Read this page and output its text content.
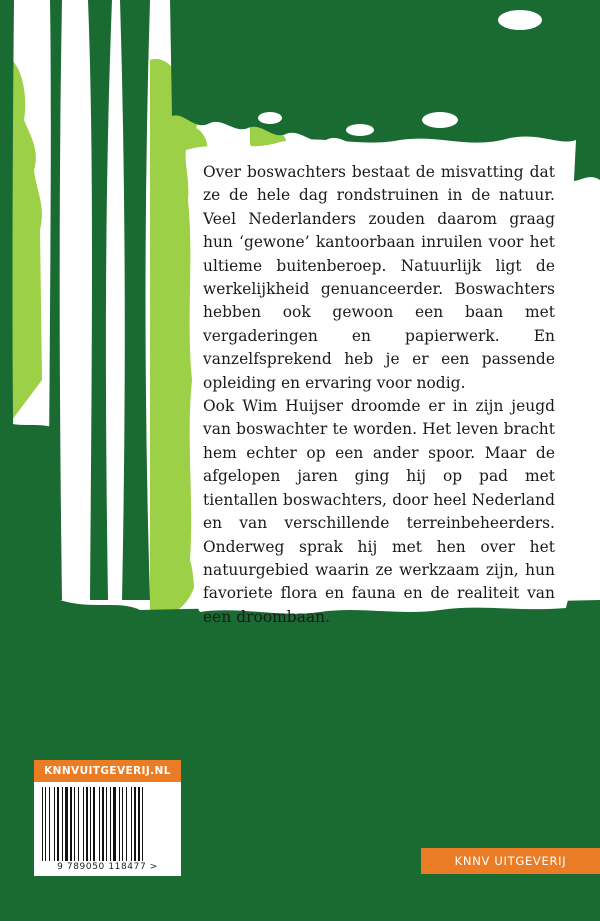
Over boswachters bestaat de misvatting dat ze de hele dag rondstruinen in de natuur. Veel Nederlanders zouden daarom graag hun ‘gewone’ kantoorbaan inruilen voor het ultieme buitenberoep. Natuurlijk ligt de werkelijkheid genuanceerder. Boswachters hebben ook gewoon een baan met vergaderingen en papierwerk. En vanzelfsprekend heb je er een passende opleiding en ervaring voor nodig.

Ook Wim Huijser droomde er in zijn jeugd van boswachter te worden. Het leven bracht hem echter op een ander spoor. Maar de afgelopen jaren ging hij op pad met tientallen boswachters, door heel Nederland en van verschillende terreinbeheerders. Onderweg sprak hij met hen over het natuurgebied waarin ze werkzaam zijn, hun favoriete flora en fauna en de realiteit van een droombaan.

KNNVUITGEVERIJ.NL
9 789050 118477 >	KNNV UITGEVERIJ
